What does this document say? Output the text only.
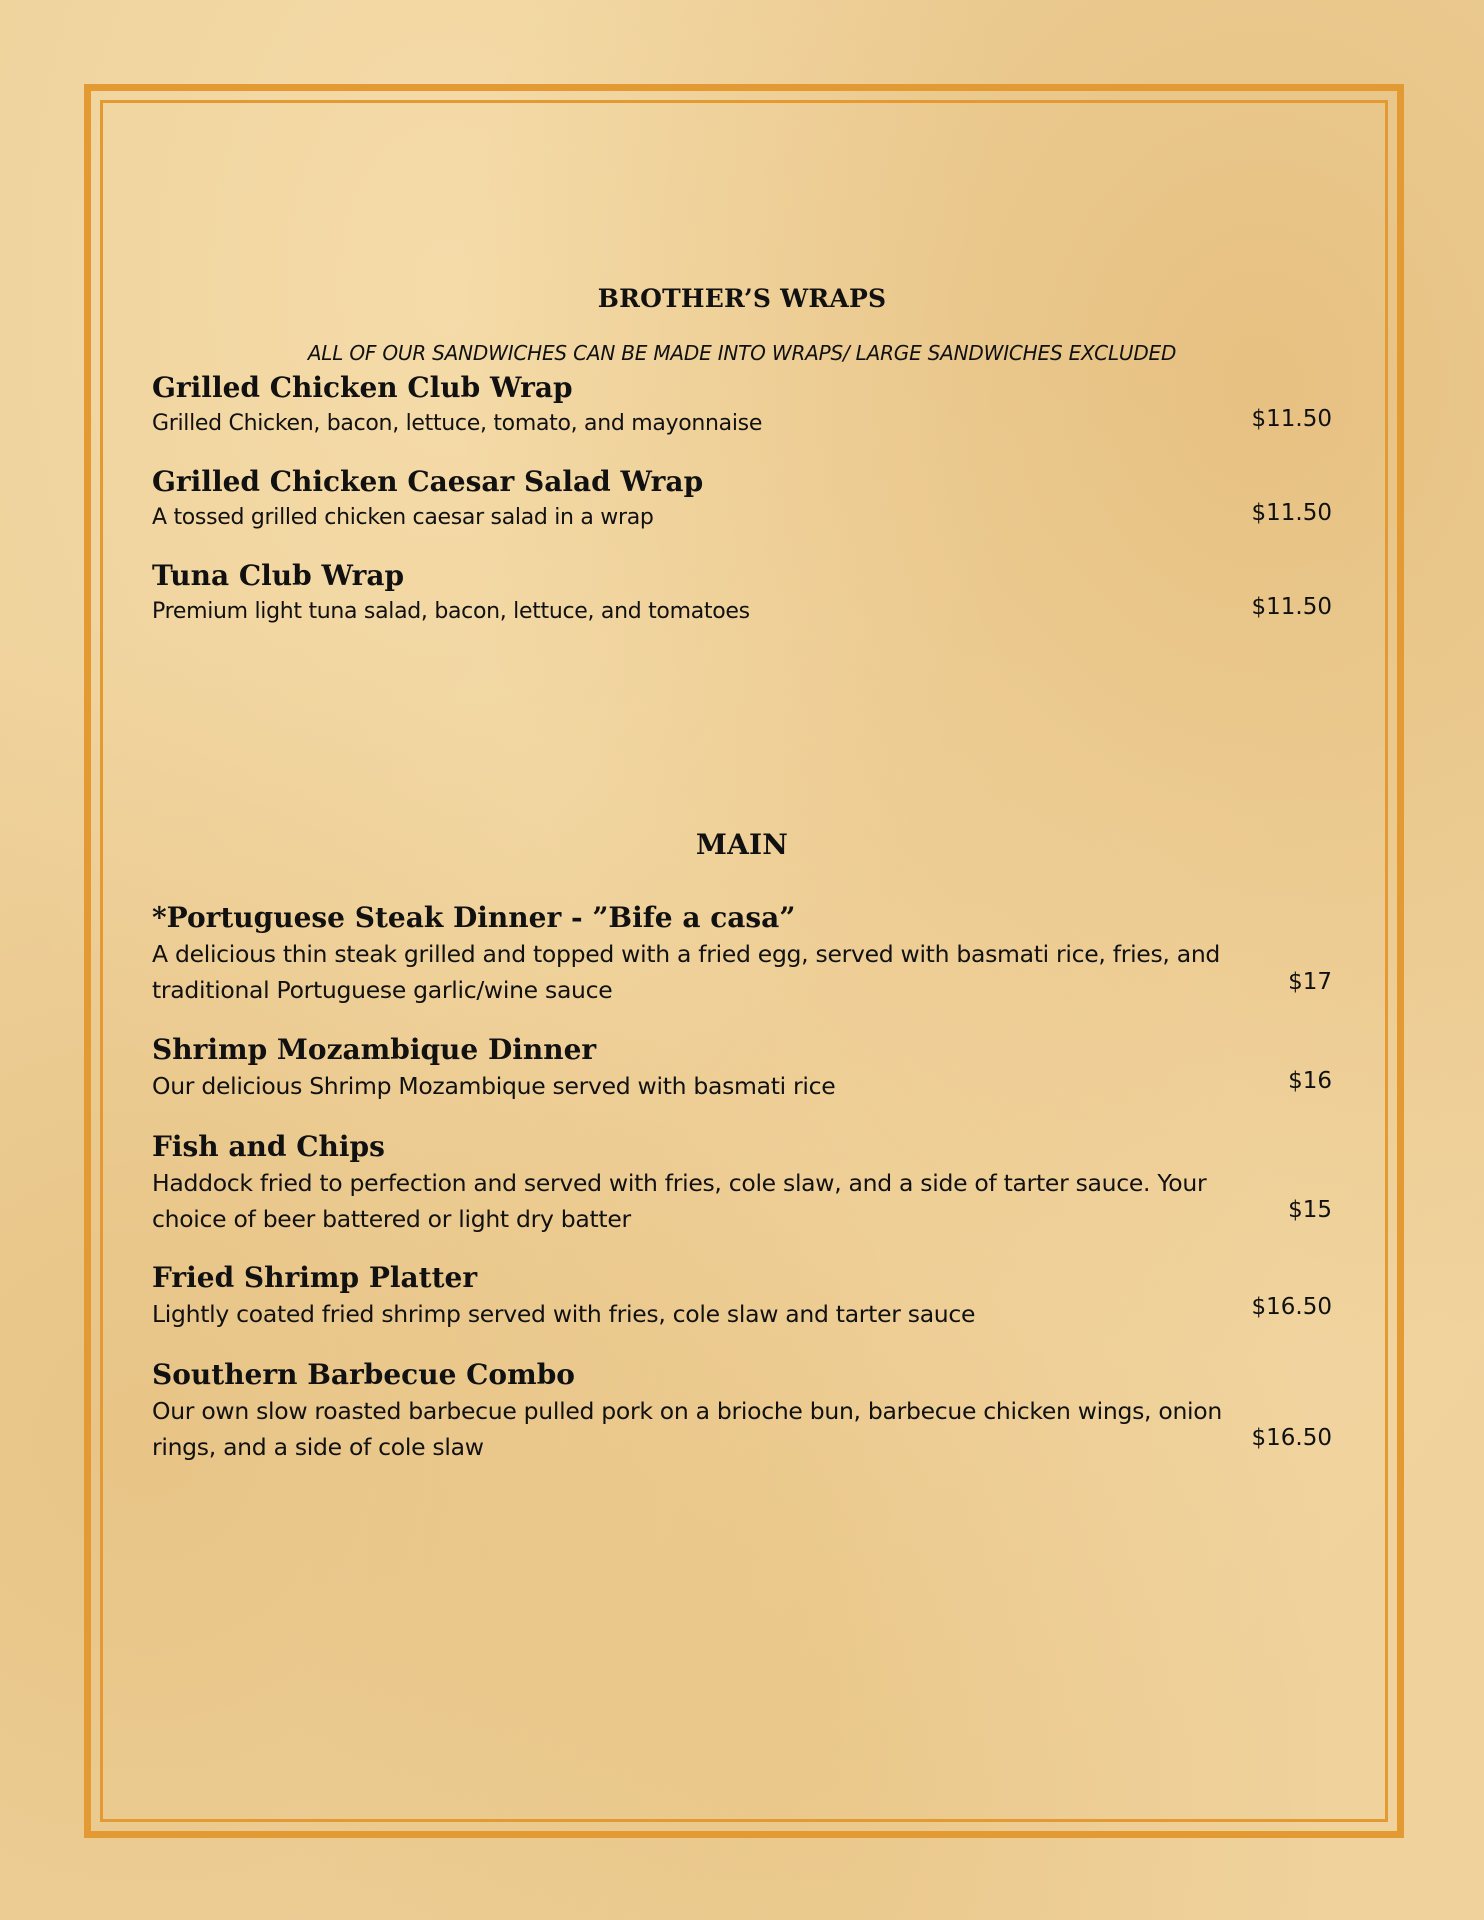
BROTHER’S WRAPS
ALL OF OUR SANDWICHES CAN BE MADE INTO WRAPS/ LARGE SANDWICHES EXCLUDED
Grilled Chicken Club Wrap
Grilled Chicken, bacon, lettuce, tomato, and mayonnaise	$11.50
Grilled Chicken Caesar Salad Wrap
A tossed grilled chicken caesar salad in a wrap	$11.50
Tuna Club Wrap
Premium light tuna salad, bacon, lettuce, and tomatoes	$11.50
MAIN
*Portuguese Steak Dinner - ”Bife a casa”
A delicious thin steak grilled and topped with a fried egg, served with basmati rice, fries, and traditional Portuguese garlic/wine sauce	$17
Shrimp Mozambique Dinner
Our delicious Shrimp Mozambique served with basmati rice	$16
Fish and Chips
Haddock fried to perfection and served with fries, cole slaw, and a side of tarter sauce. Your choice of beer battered or light dry batter	$15
Fried Shrimp Platter
Lightly coated fried shrimp served with fries, cole slaw and tarter sauce	$16.50
Southern Barbecue Combo
Our own slow roasted barbecue pulled pork on a brioche bun, barbecue chicken wings, onion rings, and a side of cole slaw	$16.50
